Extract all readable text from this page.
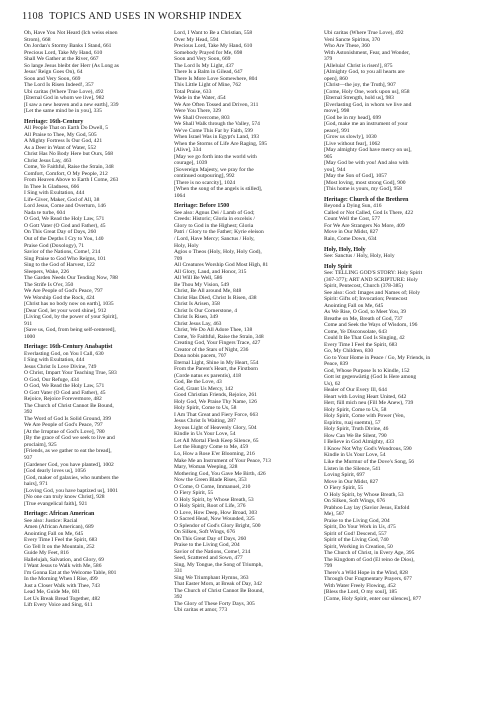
1108 TOPICS AND USES IN WORSHIP INDEX
Oh, Have You Not Heard (Ich weiss einen
Strom), 668
On Jordan's Stormy Banks I Stand, 661
Precious Lord, Take My Hand, 610
Shall We Gather at the River, 667
So lange Jesus bleibt der Herr (As Long as
Jesus' Reign Goes On), 64
Soon and Very Soon, 669
The Lord Is Risen Indeed!, 357
Ubi caritas (Where True Love), 492
[Eternal God in whom we live], 982
[I saw a new heaven and a new earth], 339
[Let the same mind be in you], 335
Heritage: 16th-Century
All People That on Earth Do Dwell, 5
All Praise to Thee, My God, 505
A Mighty Fortress Is Our God, 421
As a Deer in Want of Water, 552
Christ Has No Body Here but Ours, 568
Christ Jesus Lay, 463
Come, Ye Faithful, Raise the Strain, 348
Comfort, Comfort, O My People, 212
From Heaven Above to Earth I Come, 263
In Thee Is Gladness, 666
I Sing with Exultation, 444
Life-Giver, Maker, God of All, 38
Lord Jesus, Come and Overturn, 146
Nada te turbe, 604
O God, We Read the Holy Law, 571
O Gott Vater (O God and Father), 45
On This Great Day of Days, 260
Out of the Depths I Cry to You, 140
Praise God (Doxology), 71
Savior of the Nations, Come!, 214
Sing Praise to God Who Reigns, 101
Sing to the God of Harvest, 122
Sleepers, Wake, 226
The Garden Needs Our Tending Now, 788
The Strife Is O'er, 350
We Are People of God's Peace, 797
We Worship God the Rock, 424
[Christ has no body now on earth], 1035
[Dear God, let your word shine], 912
[Living God, by the power of your Spirit],
911
[Save us, God, from being self-centered],
1000
Heritage: 16th-Century Anabaptist
Everlasting God, on You I Call, 630
I Sing with Exultation, 444
Jesus Christ Is Love Divine, 749
O Christ, Impart Your Teaching True, 583
O God, Our Refuge, 434
O God, We Read the Holy Law, 571
O Gott Vater (O God and Father), 45
Rejoice, Rejoice Forevermore, 482
The Church of Christ Cannot Be Bound,
392
The Word of God Is Solid Ground, 399
We Are People of God's Peace, 797
[At the Irruptue of God's Love], 780
[By the grace of God we seek to live and
proclaim], 925
[Friends, as we gather to eat the bread],
937
[Gardener God, you have planted], 1002
[God dearly loves us], 1056
[God, maker of galaxies, who numbers the
hairs], 971
[Loving God, you have baptized us], 1001
[No one can truly know Christ], 928
[True evangelical faith], 921
Heritage: African American
See also: Justice: Racial
Amen (African American), 689
Anointing Fall on Me, 645
Every Time I Feel the Spirit, 683
Go Tell It on the Mountain, 252
Guide My Feet, 816
Hallelujah, Salvation, and Glory, 69
I Want Jesus to Walk with Me, 586
I'm Gonna Eat at the Welcome Table, 801
In the Morning When I Rise, 499
Just a Closer Walk with Thee, 743
Lead Me, Guide Me, 601
Let Us Break Bread Together, 482
Lift Every Voice and Sing, 611
Lord, I Want to Be a Christian, 558
Over My Head, 594
Precious Lord, Take My Hand, 610
Somebody Prayed for Me, 698
Soon and Very Soon, 669
The Lord Is My Light, 437
There Is a Balm in Gilead, 647
There Is More Love Somewhere, 804
This Little Light of Mine, 762
Total Praise, 633
Wade in the Water, 454
We Are Often Tossed and Driven, 311
Were You There, 329
We Shall Overcome, 803
We Shall Walk through the Valley, 574
We've Come This Far by Faith, 599
When Israel Was in Egypt's Land, 193
When the Storms of Life Are Raging, 595
[Alive], 334
[May we go forth into the world with
courage], 1039
[Sovereign Majesty, we pray for the
continued outpouring], 992
[There is no scarcity], 1024
[When the song of the angels is stilled],
1064
Heritage: Before 1500
See also: Agnus Dei / Lamb of God;
Creeds: Historic; Gloria in excelsis /
Glory to God in the Highest; Gloria
Patri / Glory to the Father; Kyrie eleison
/ Lord, Have Mercy; Sanctus / Holy,
Holy, Holy
Agios o Theos (Holy, Holy, Holy God),
709
All Creatures Worship God Most High, 81
All Glory, Laud, and Honor, 315
All Will Be Well, 586
Be Thou My Vision, 549
Christ, Be All around Me, 848
Christ Has Died, Christ Is Risen, 438
Christ Is Arisen, 358
Christ Is Our Cornerstone, 4
Christ Is Risen, 349
Christ Jesus Lay, 463
Christ, We Do All Adore Thee, 138
Come, Ye Faithful, Raise the Strain, 348
Creating God, Your Fingers Trace, 427
Creator of the Stars of Night, 236
Dona nobis pacem, 707
Eternal Light, Shine in My Heart, 554
From the Parent's Heart, the Firstborn
(Corde natus ex parentis), 418
God, Be the Love, 43
God, Grant Us Mercy, 142
Good Christian Friends, Rejoice, 261
Holy God, We Praise Thy Name, 126
Holy Spirit, Come to Us, 58
I Am That Great and Fiery Force, 663
Jesus Christ Is Waiting, 287
Joyous Light of Heavenly Glory, 504
Kindle in Us Your Love, 54
Let All Mortal Flesh Keep Silence, 65
Let the Hungry Come to Me, 459
Lo, How a Rose E'er Blooming, 216
Make Me an Instrument of Your Peace, 713
Mary, Woman Weeping, 328
Mothering God, You Gave Me Birth, 426
Now the Green Blade Rises, 353
O Come, O Come, Immanuel, 210
O Fiery Spirit, 55
O Holy Spirit, by Whose Breath, 53
O Holy Spirit, Root of Life, 376
O Love, How Deep, How Broad, 303
O Sacred Head, Now Wounded, 325
O Splendor of God's Glory Bright, 500
On Silken, Soft Wings, 676
On This Great Day of Days, 260
Praise to the Living God, 204
Savior of the Nations, Come!, 214
Seed, Scattered and Sown, 477
Sing, My Tongue, the Song of Triumph,
331
Sing We Triumphant Hymns, 363
That Easter Morn, at Break of Day, 342
The Church of Christ Cannot Be Bound,
392
The Glory of These Forty Days, 305
Ubi caritas et amor, 773
Ubi caritas (Where True Love), 492
Veni Sancte Spiritus, 370
Who Are These, 360
With Astonishment, Fear, and Wonder,
379
[Alleluia! Christ is risen!], 875
[Almighty God, to you all hearts are
open], 860
[Christ—the joy, the Truth], 907
[Come, Holy One, work upon us], 858
[Eternal Strength, hold us], 983
[Everlasting God, in whom we live and
move], 998
[God be in my head], 699
[God, make me an instrument of your
peace], 991
[Grow us slowly], 1030
[Live without fear], 1062
[May almighty God have mercy on us],
905
[May God be with you! And also with
you], 944
[May the Son of God], 1057
[Most loving, most strong God], 900
[This home is yours, my God], 958
Heritage: Church of the Brethren
Beyond a Dying Sun, 416
Called or Not Called, God Is There, 422
Count Well the Cost, 577
For We Are Strangers No More, 409
Move in Our Midst, 827
Rain, Come Down, 634
Holy, Holy, Holy
See: Sanctus / Holy, Holy, Holy
Holy Spirit
See: TELLING GOD'S STORY: Holy Spirit
(367-377); ART AND SCRIPTURE: Holy
Spirit, Pentecost, Church (378-385)
See also: God: Images and Names of; Holy
Spirit: Gifts of; Invocation; Pentecost
Anointing Fall on Me, 645
As We Rise, O God, to Meet You, 39
Breathe on Me, Breath of God, 737
Come and Seek the Ways of Wisdom, 196
Come, Ye Disconsolate, 643
Could It Be That God Is Singing, 42
Every Time I Feel the Spirit, 683
Go, My Children, 830
Go to Your Home in Peace / Go, My Friends, in
Peace, 839
God, Whose Purpose Is to Kindle, 152
Gott ist gegenwärtig (God Is Here among
Us), 62
Healer of Our Every Ill, 644
Heart with Loving Heart United, 642
Herr, füll mich neu (Fill Me Anew), 739
Holy Spirit, Come to Us, 58
Holy Spirit, Come with Power (Ven,
Espíritu, ruaj suemtu), 57
Holy Spirit, Truth Divine, 46
How Can We Be Silent, 790
I Believe in God Almighty, 433
I Know Not Why God's Wondrous, 590
Kindle in Us Your Love, 54
Like the Murmur of the Dove's Song, 56
Listen in the Silence, 541
Loving Spirit, 697
Move in Our Midst, 827
O Fiery Spirit, 55
O Holy Spirit, by Whose Breath, 53
On Silken, Soft Wings, 676
Prabhoo Lay lay (Savior Jesus, Enfold
Me), 567
Praise to the Living God, 204
Spirit, Do Your Work in Us, 475
Spirit of God! Descend, 557
Spirit of the Living God, 740
Spirit, Working in Creation, 50
The Church of Christ, in Every Age, 395
The Kingdom of God (El reino de Dios),
799
There's a Wild Hope in the Wind, 828
Through Our Fragmentary Prayers, 677
With Water Freely Flowing, 452
[Bless the Lord, O my soul], 185
[Come, Holy Spirit, enter our silences], 877
